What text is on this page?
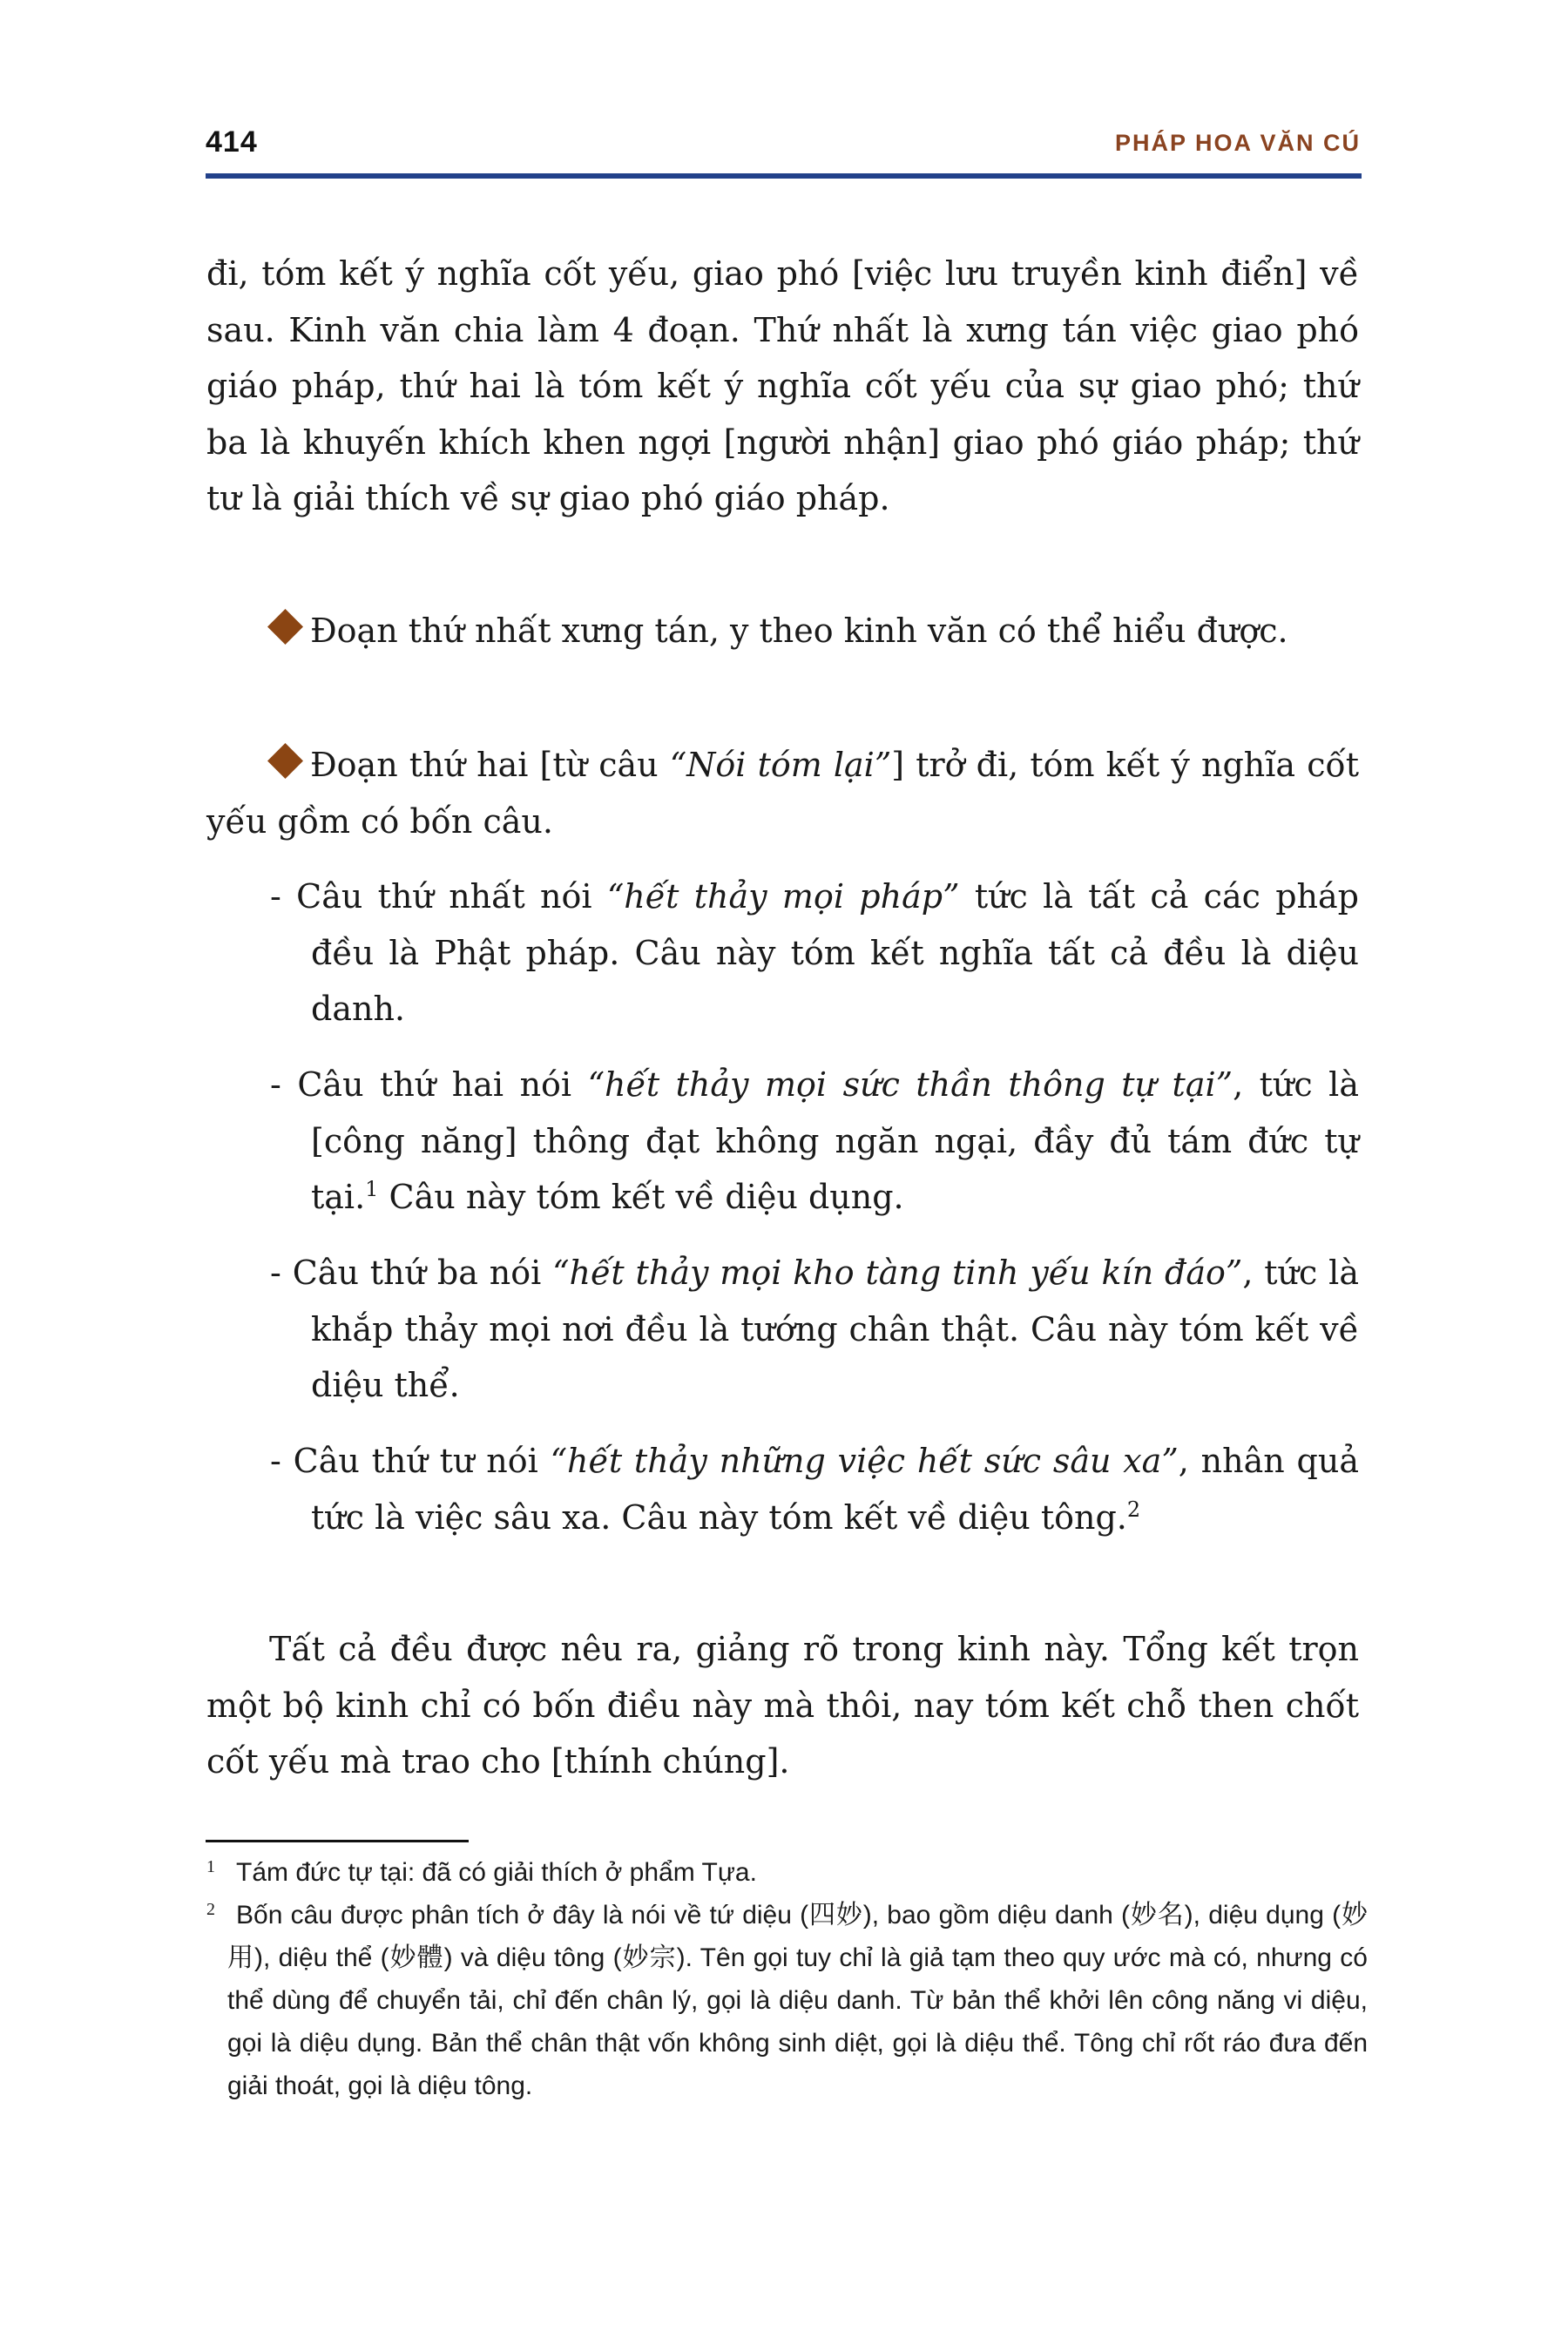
414	PHÁP HOA VĂN CÚ

đi, tóm kết ý nghĩa cốt yếu, giao phó [việc lưu truyền kinh điển] về sau. Kinh văn chia làm 4 đoạn. Thứ nhất là xưng tán việc giao phó giáo pháp, thứ hai là tóm kết ý nghĩa cốt yếu của sự giao phó; thứ ba là khuyến khích khen ngợi [người nhận] giao phó giáo pháp; thứ tư là giải thích về sự giao phó giáo pháp.

Đoạn thứ nhất xưng tán, y theo kinh văn có thể hiểu được.

Đoạn thứ hai [từ câu “Nói tóm lại”] trở đi, tóm kết ý nghĩa cốt yếu gồm có bốn câu.

- Câu thứ nhất nói “hết thảy mọi pháp” tức là tất cả các pháp đều là Phật pháp. Câu này tóm kết nghĩa tất cả đều là diệu danh.

- Câu thứ hai nói “hết thảy mọi sức thần thông tự tại”, tức là [công năng] thông đạt không ngăn ngại, đầy đủ tám đức tự tại.$^1$ Câu này tóm kết về diệu dụng.

- Câu thứ ba nói “hết thảy mọi kho tàng tinh yếu kín đáo”, tức là khắp thảy mọi nơi đều là tướng chân thật. Câu này tóm kết về diệu thể.

- Câu thứ tư nói “hết thảy những việc hết sức sâu xa”, nhân quả tức là việc sâu xa. Câu này tóm kết về diệu tông.$^2$

Tất cả đều được nêu ra, giảng rõ trong kinh này. Tổng kết trọn một bộ kinh chỉ có bốn điều này mà thôi, nay tóm kết chỗ then chốt cốt yếu mà trao cho [thính chúng].

1 Tám đức tự tại: đã có giải thích ở phẩm Tựa.

2 Bốn câu được phân tích ở đây là nói về tứ diệu (四妙), bao gồm diệu danh (妙名), diệu dụng (妙用), diệu thể (妙體) và diệu tông (妙宗). Tên gọi tuy chỉ là giả tạm theo quy ước mà có, nhưng có thể dùng để chuyển tải, chỉ đến chân lý, gọi là diệu danh. Từ bản thể khởi lên công năng vi diệu, gọi là diệu dụng. Bản thể chân thật vốn không sinh diệt, gọi là diệu thể. Tông chỉ rốt ráo đưa đến giải thoát, gọi là diệu tông.
